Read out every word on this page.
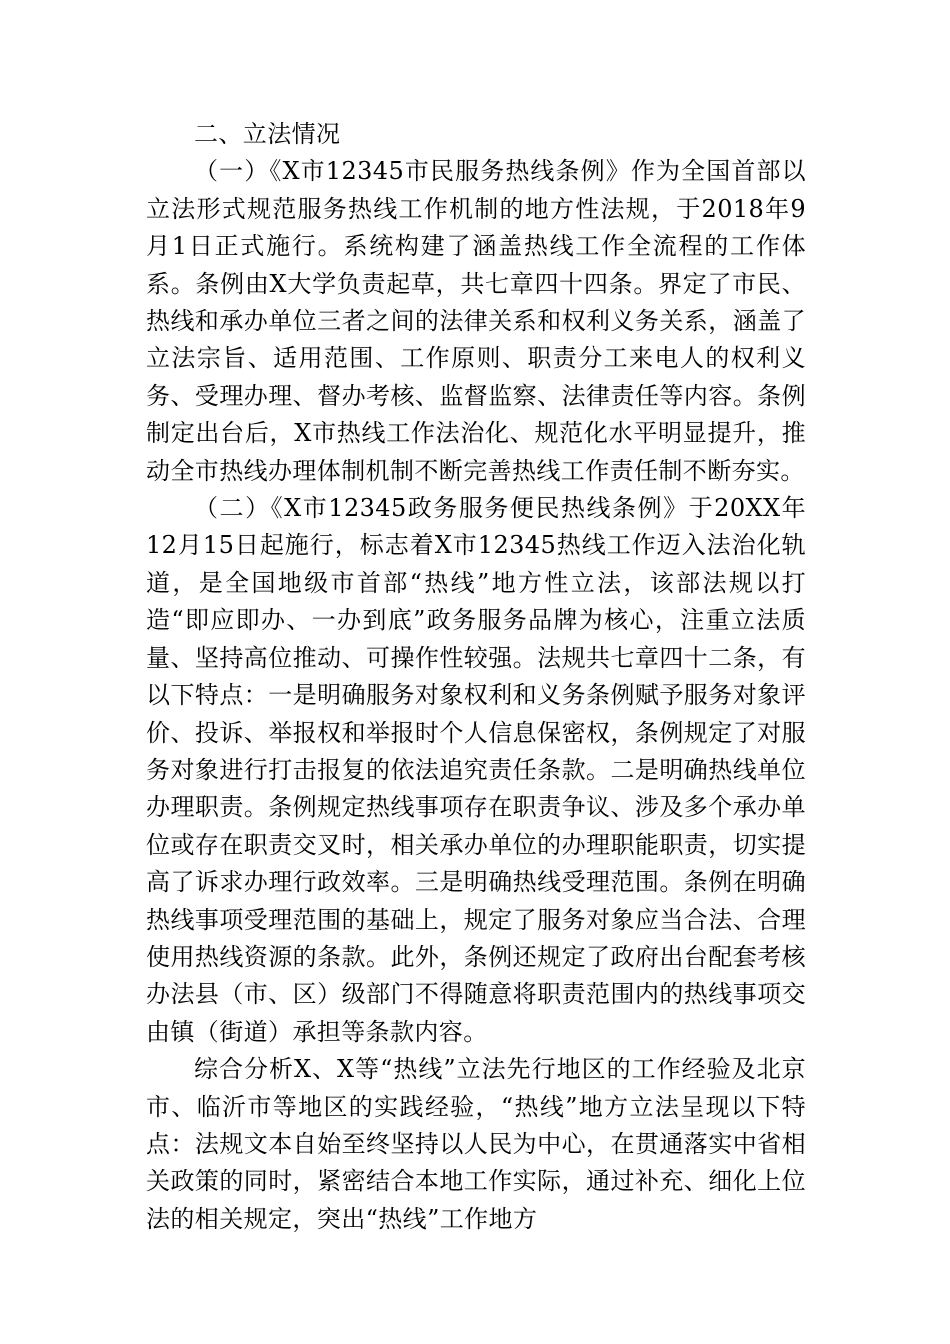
二、立法情况

（一）《X市12345市民服务热线条例》作为全国首部以立法形式规范服务热线工作机制的地方性法规，于2018年9月1日正式施行。系统构建了涵盖热线工作全流程的工作体系。条例由X大学负责起草，共七章四十四条。界定了市民、热线和承办单位三者之间的法律关系和权利义务关系，涵盖了立法宗旨、适用范围、工作原则、职责分工来电人的权利义务、受理办理、督办考核、监督监察、法律责任等内容。条例制定出台后，X市热线工作法治化、规范化水平明显提升，推动全市热线办理体制机制不断完善热线工作责任制不断夯实。

（二）《X市12345政务服务便民热线条例》于20XX年12月15日起施行，标志着X市12345热线工作迈入法治化轨道，是全国地级市首部“热线”地方性立法，该部法规以打造“即应即办、一办到底”政务服务品牌为核心，注重立法质量、坚持高位推动、可操作性较强。法规共七章四十二条，有以下特点：一是明确服务对象权利和义务条例赋予服务对象评价、投诉、举报权和举报时个人信息保密权，条例规定了对服务对象进行打击报复的依法追究责任条款。二是明确热线单位办理职责。条例规定热线事项存在职责争议、涉及多个承办单位或存在职责交叉时，相关承办单位的办理职能职责，切实提高了诉求办理行政效率。三是明确热线受理范围。条例在明确热线事项受理范围的基础上，规定了服务对象应当合法、合理使用热线资源的条款。此外，条例还规定了政府出台配套考核办法县（市、区）级部门不得随意将职责范围内的热线事项交由镇（街道）承担等条款内容。

综合分析X、X等“热线”立法先行地区的工作经验及北京市、临沂市等地区的实践经验，“热线”地方立法呈现以下特点：法规文本自始至终坚持以人民为中心，在贯通落实中省相关政策的同时，紧密结合本地工作实际，通过补充、细化上位法的相关规定，突出“热线”工作地方
